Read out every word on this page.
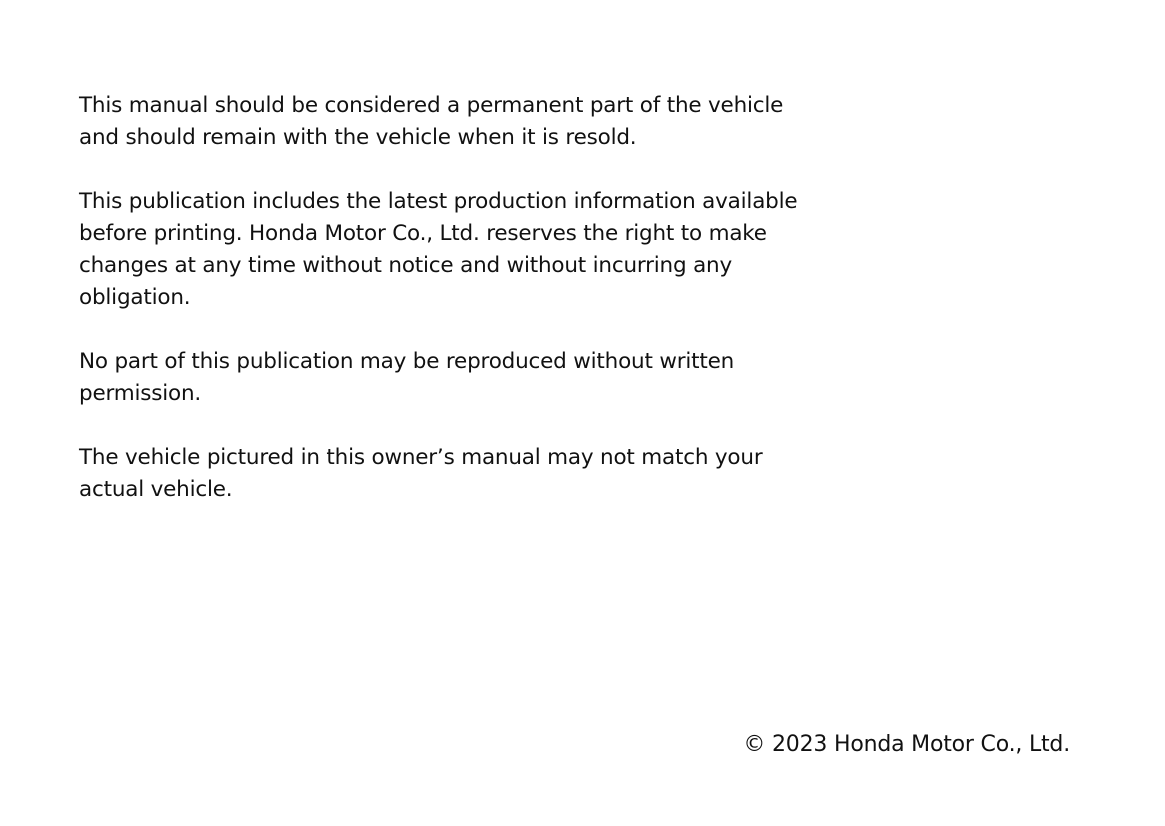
This manual should be considered a permanent part of the vehicle
and should remain with the vehicle when it is resold.

This publication includes the latest production information available
before printing. Honda Motor Co., Ltd. reserves the right to make
changes at any time without notice and without incurring any
obligation.

No part of this publication may be reproduced without written
permission.

The vehicle pictured in this owner’s manual may not match your
actual vehicle.

© 2023 Honda Motor Co., Ltd.
